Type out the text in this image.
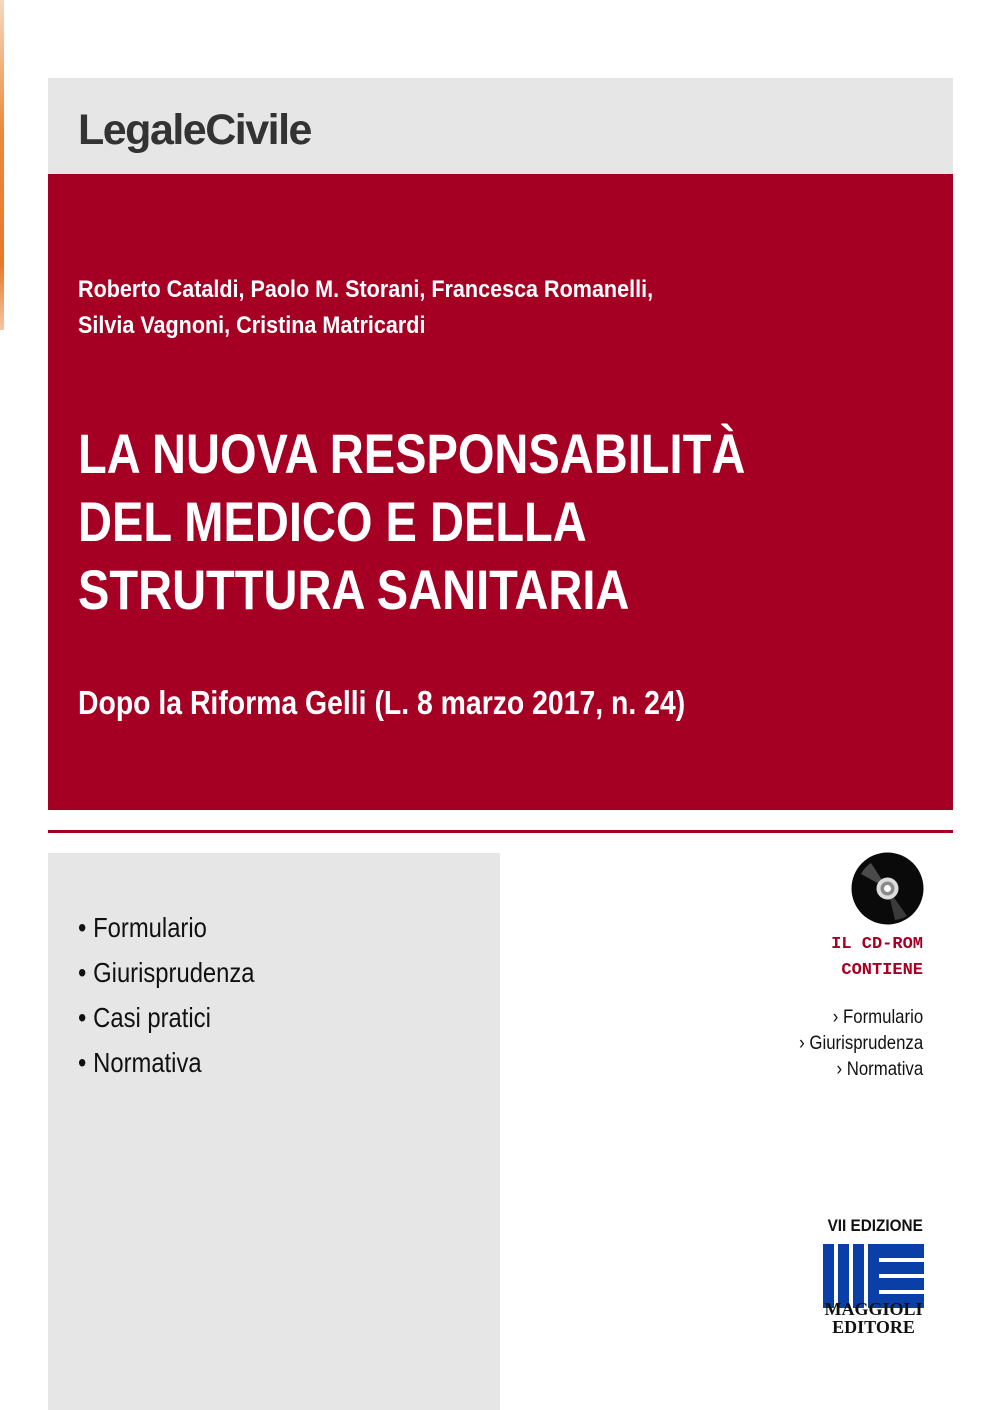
LegaleCivile
Roberto Cataldi, Paolo M. Storani, Francesca Romanelli,
Silvia Vagnoni, Cristina Matricardi
LA NUOVA RESPONSABILITÀ
DEL MEDICO E DELLA
STRUTTURA SANITARIA
Dopo la Riforma Gelli (L. 8 marzo 2017, n. 24)
• Formulario
• Giurisprudenza
• Casi pratici
• Normativa
IL CD-ROM
CONTIENE
› Formulario
› Giurisprudenza
› Normativa
VII EDIZIONE
MAGGIOLI
EDITORE
